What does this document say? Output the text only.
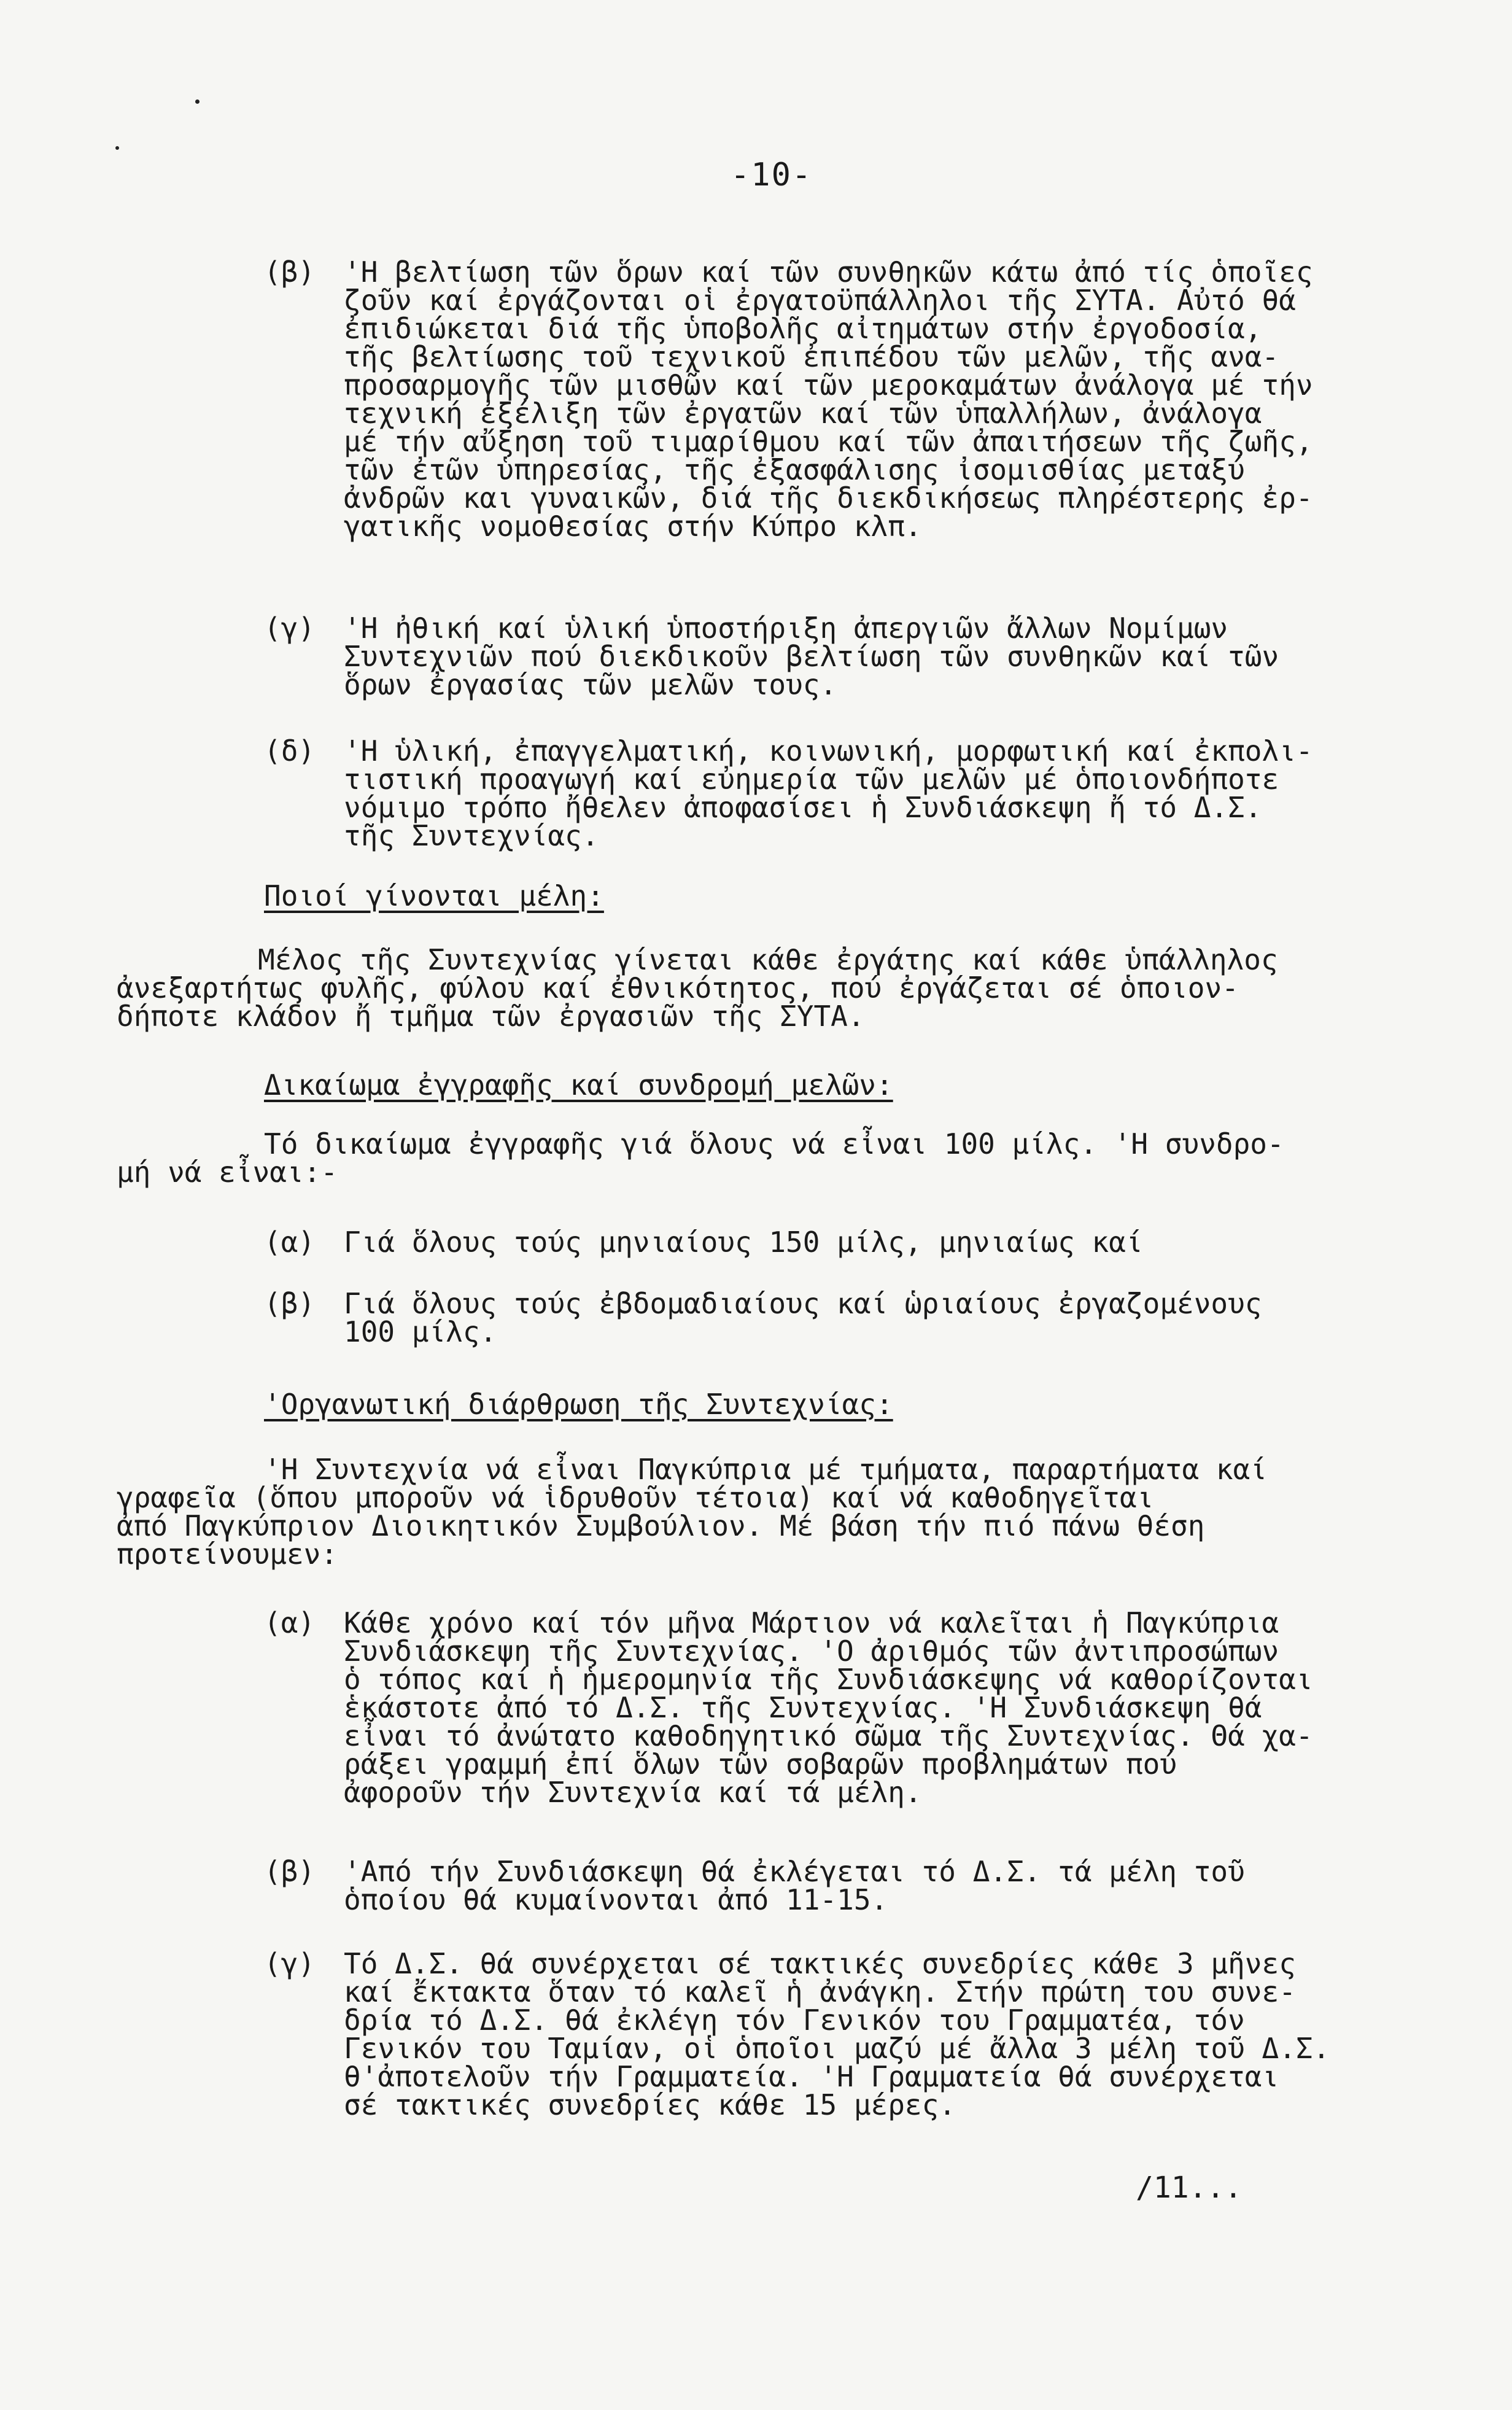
-10-
(β) 'Η βελτίωση τῶν ὅρων καί τῶν συνθηκῶν κάτω ἀπό τίς ὁποῖες
ζοῦν καί ἐργάζονται οἱ ἐργατοϋπάλληλοι τῆς ΣΥΤΑ. Αὐτό θά
ἐπιδιώκεται διά τῆς ὑποβολῆς αἰτημάτων στήν ἐργοδοσία,
τῆς βελτίωσης τοῦ τεχνικοῦ ἐπιπέδου τῶν μελῶν, τῆς ανα-
προσαρμογῆς τῶν μισθῶν καί τῶν μεροκαμάτων ἀνάλογα μέ τήν
τεχνική ἐξέλιξη τῶν ἐργατῶν καί τῶν ὑπαλλήλων, ἀνάλογα
μέ τήν αὔξηση τοῦ τιμαρίθμου καί τῶν ἀπαιτήσεων τῆς ζωῆς,
τῶν ἐτῶν ὑπηρεσίας, τῆς ἐξασφάλισης ἰσομισθίας μεταξύ
ἀνδρῶν και γυναικῶν, διά τῆς διεκδικήσεως πληρέστερης ἐρ-
γατικῆς νομοθεσίας στήν Κύπρο κλπ.
(γ) 'Η ἠθική καί ὑλική ὑποστήριξη ἀπεργιῶν ἄλλων Νομίμων
Συντεχνιῶν πού διεκδικοῦν βελτίωση τῶν συνθηκῶν καί τῶν
ὅρων ἐργασίας τῶν μελῶν τους.
(δ) 'Η ὑλική, ἐπαγγελματική, κοινωνική, μορφωτική καί ἐκπολι-
τιστική προαγωγή καί εὐημερία τῶν μελῶν μέ ὁποιονδήποτε
νόμιμο τρόπο ἤθελεν ἀποφασίσει ἡ Συνδιάσκεψη ἤ τό Δ.Σ.
τῆς Συντεχνίας.
Ποιοί γίνονται μέλη:
Μέλος τῆς Συντεχνίας γίνεται κάθε ἐργάτης καί κάθε ὑπάλληλος
ἀνεξαρτήτως φυλῆς, φύλου καί ἐθνικότητος, πού ἐργάζεται σέ ὁποιον-
δήποτε κλάδον ἤ τμῆμα τῶν ἐργασιῶν τῆς ΣΥΤΑ.
Δικαίωμα ἐγγραφῆς καί συνδρομή μελῶν:
Τό δικαίωμα ἐγγραφῆς γιά ὅλους νά εἶναι 100 μίλς. 'Η συνδρο-
μή νά εἶναι:-
(α) Γιά ὅλους τούς μηνιαίους 150 μίλς, μηνιαίως καί
(β) Γιά ὅλους τούς ἐβδομαδιαίους καί ὡριαίους ἐργαζομένους
100 μίλς.
'Οργανωτική διάρθρωση τῆς Συντεχνίας:
'Η Συντεχνία νά εἶναι Παγκύπρια μέ τμήματα, παραρτήματα καί
γραφεῖα (ὅπου μποροῦν νά ἱδρυθοῦν τέτοια) καί νά καθοδηγεῖται
ἀπό Παγκύπριον Διοικητικόν Συμβούλιον. Μέ βάση τήν πιό πάνω θέση
προτείνουμεν:
(α) Κάθε χρόνο καί τόν μῆνα Μάρτιον νά καλεῖται ἡ Παγκύπρια
Συνδιάσκεψη τῆς Συντεχνίας. 'Ο ἀριθμός τῶν ἀντιπροσώπων
ὁ τόπος καί ἡ ἡμερομηνία τῆς Συνδιάσκεψης νά καθορίζονται
ἑκάστοτε ἀπό τό Δ.Σ. τῆς Συντεχνίας. 'Η Συνδιάσκεψη θά
εἶναι τό ἀνώτατο καθοδηγητικό σῶμα τῆς Συντεχνίας. Θά χα-
ράξει γραμμή ἐπί ὅλων τῶν σοβαρῶν προβλημάτων πού
ἀφοροῦν τήν Συντεχνία καί τά μέλη.
(β) 'Από τήν Συνδιάσκεψη θά ἐκλέγεται τό Δ.Σ. τά μέλη τοῦ
ὁποίου θά κυμαίνονται ἀπό 11-15.
(γ) Τό Δ.Σ. θά συνέρχεται σέ τακτικές συνεδρίες κάθε 3 μῆνες
καί ἔκτακτα ὅταν τό καλεῖ ἡ ἀνάγκη. Στήν πρώτη του συνε-
δρία τό Δ.Σ. θά ἐκλέγη τόν Γενικόν του Γραμματέα, τόν
Γενικόν του Ταμίαν, οἱ ὁποῖοι μαζύ μέ ἄλλα 3 μέλη τοῦ Δ.Σ.
θ'ἀποτελοῦν τήν Γραμματεία. 'Η Γραμματεία θά συνέρχεται
σέ τακτικές συνεδρίες κάθε 15 μέρες.
/11...
